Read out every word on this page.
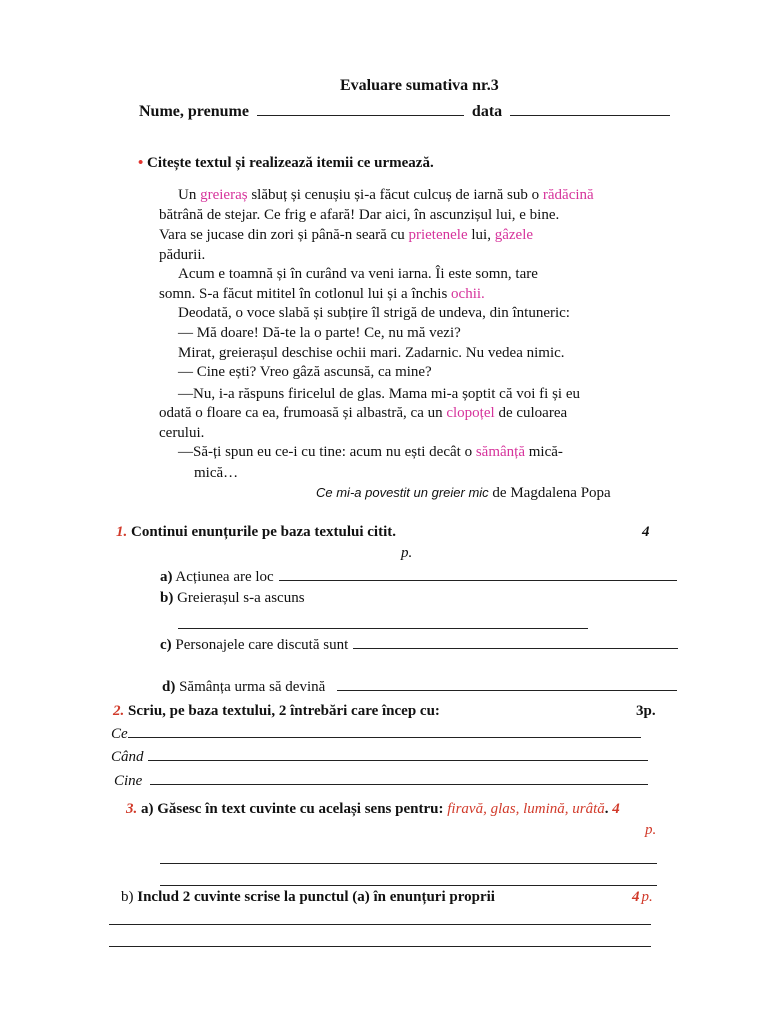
Evaluare sumativa nr.3
Nume, prenume	data
• Citește textul și realizează itemii ce urmează.
Un greieraș slăbuț și cenușiu și-a făcut culcuș de iarnă sub o rădăcină
bătrână de stejar. Ce frig e afară! Dar aici, în ascunzișul lui, e bine.
Vara se jucase din zori și până-n seară cu prietenele lui, gâzele
pădurii.
Acum e toamnă și în curând va veni iarna. Îi este somn, tare
somn. S-a făcut mititel în cotlonul lui și a închis ochii.
Deodată, o voce slabă și subțire îl strigă de undeva, din întuneric:
— Mă doare! Dă-te la o parte! Ce, nu mă vezi?
Mirat, greierașul deschise ochii mari. Zadarnic. Nu vedea nimic.
— Cine ești? Vreo gâză ascunsă, ca mine?
—Nu, i-a răspuns firicelul de glas. Mama mi-a șoptit că voi fi și eu
odată o floare ca ea, frumoasă și albastră, ca un clopoțel de culoarea
cerului.
—Să-ți spun eu ce-i cu tine: acum nu ești decât o sămânță mică-
mică…
Ce mi-a povestit un greier mic de Magdalena Popa
1. Continui enunțurile pe baza textului citit.	4
p.
a) Acțiunea are loc
b) Greierașul s-a ascuns
c) Personajele care discută sunt
d) Sămânța urma să devină
2. Scriu, pe baza textului, 2 întrebări care încep cu:	3p.
Ce
Când
Cine
3. a) Găsesc în text cuvinte cu același sens pentru: firavă, glas, lumină, urâtă. 4
p.
b) Includ 2 cuvinte scrise la punctul (a) în enunțuri proprii	4 p.
